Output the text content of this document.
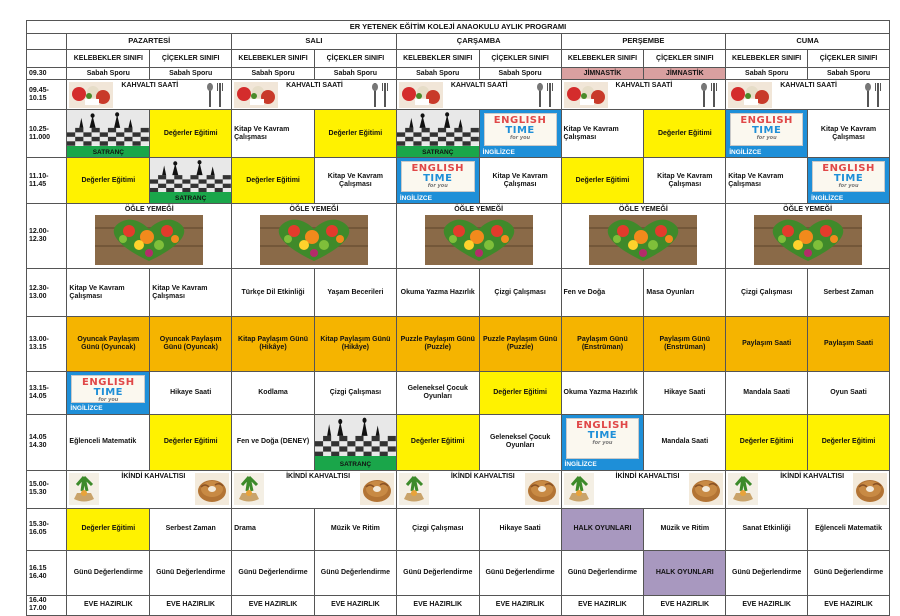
ER YETENEK EĞİTİM KOLEJİ ANAOKULU AYLIK PROGRAMI										
	PAZARTESİ		SALI		ÇARŞAMBA		PERŞEMBE		CUMA	
	KELEBEKLER SINIFI	ÇİÇEKLER SINIFI	KELEBEKLER SINIFI	ÇİÇEKLER SINIFI	KELEBEKLER SINIFI	ÇİÇEKLER SINIFI	KELEBEKLER SINIFI	ÇİÇEKLER SINIFI	KELEBEKLER SINIFI	ÇİÇEKLER SINIFI
09.30	Sabah Sporu	Sabah Sporu	Sabah Sporu	Sabah Sporu	Sabah Sporu	Sabah Sporu	JİMNASTİK	JİMNASTİK	Sabah Sporu	Sabah Sporu
09.45-
10.15	KAHVALTI SAATİ		KAHVALTI SAATİ		KAHVALTI SAATİ		KAHVALTI SAATİ		KAHVALTI SAATİ	

10.25-
11.000	SATRANÇ	Değerler Eğitimi	Kitap Ve Kavram Çalışması	Değerler Eğitimi	SATRANÇ	ENGLISH
TIME
for you
İNGİLİZCE	Kitap Ve Kavram Çalışması	Değerler Eğitimi	ENGLISH
TIME
for you
İNGİLİZCE	Kitap Ve Kavram Çalışması
11.10-
11.45	Değerler Eğitimi	SATRANÇ	Değerler Eğitimi	Kitap Ve Kavram Çalışması	ENGLISH
TIME
for you
İNGİLİZCE	Kitap Ve Kavram Çalışması	Değerler Eğitimi	Kitap Ve Kavram Çalışması	Kitap Ve Kavram Çalışması	ENGLISH
TIME
for you
İNGİLİZCE

12.00-
12.30	ÖĞLE YEMEĞİ		ÖĞLE YEMEĞİ		ÖĞLE YEMEĞİ		ÖĞLE YEMEĞİ		ÖĞLE YEMEĞİ	

12.30-
13.00	Kitap Ve Kavram Çalışması	Kitap Ve Kavram Çalışması	Türkçe Dil Etkinliği	Yaşam Becerileri	Okuma Yazma Hazırlık	Çizgi Çalışması	Fen ve Doğa	Masa Oyunları	Çizgi Çalışması	Serbest Zaman
13.00-
13.15	Oyuncak Paylaşım Günü (Oyuncak)	Oyuncak Paylaşım Günü (Oyuncak)	Kitap Paylaşım Günü (Hikâye)	Kitap Paylaşım Günü (Hikâye)	Puzzle Paylaşım Günü (Puzzle)	Puzzle Paylaşım Günü (Puzzle)	Paylaşım Günü (Enstrüman)	Paylaşım Günü (Enstrüman)	Paylaşım Saati	Paylaşım Saati
13.15-
14.05	ENGLISH
TIME
for you
İNGİLİZCE	Hikaye Saati	Kodlama	Çizgi Çalışması	Geleneksel Çocuk Oyunları	Değerler Eğitimi	Okuma Yazma Hazırlık	Hikaye Saati	Mandala Saati	Oyun Saati
14.05
14.30	Eğlenceli Matematik	Değerler Eğitimi	Fen ve Doğa (DENEY)	SATRANÇ	Değerler Eğitimi	Geleneksel Çocuk Oyunları	ENGLISH
TIME
for you
İNGİLİZCE	Mandala Saati	Değerler Eğitimi	Değerler Eğitimi
15.00-
15.30	İKİNDİ KAHVALTISI		İKİNDİ KAHVALTISI		İKİNDİ KAHVALTISI		İKİNDİ KAHVALTISI		İKİNDİ KAHVALTISI	

15.30-
16.05	Değerler Eğitimi	Serbest Zaman	Drama	Müzik Ve Ritim	Çizgi Çalışması	Hikaye Saati	HALK OYUNLARI	Müzik ve Ritim	Sanat Etkinliği	Eğlenceli Matematik
16.15
16.40	Günü Değerlendirme	Günü Değerlendirme	Günü Değerlendirme	Günü Değerlendirme	Günü Değerlendirme	Günü Değerlendirme	Günü Değerlendirme	HALK OYUNLARI	Günü Değerlendirme	Günü Değerlendirme
16.40
17.00	EVE HAZIRLIK	EVE HAZIRLIK	EVE HAZIRLIK	EVE HAZIRLIK	EVE HAZIRLIK	EVE HAZIRLIK	EVE HAZIRLIK	EVE HAZIRLIK	EVE HAZIRLIK	EVE HAZIRLIK
